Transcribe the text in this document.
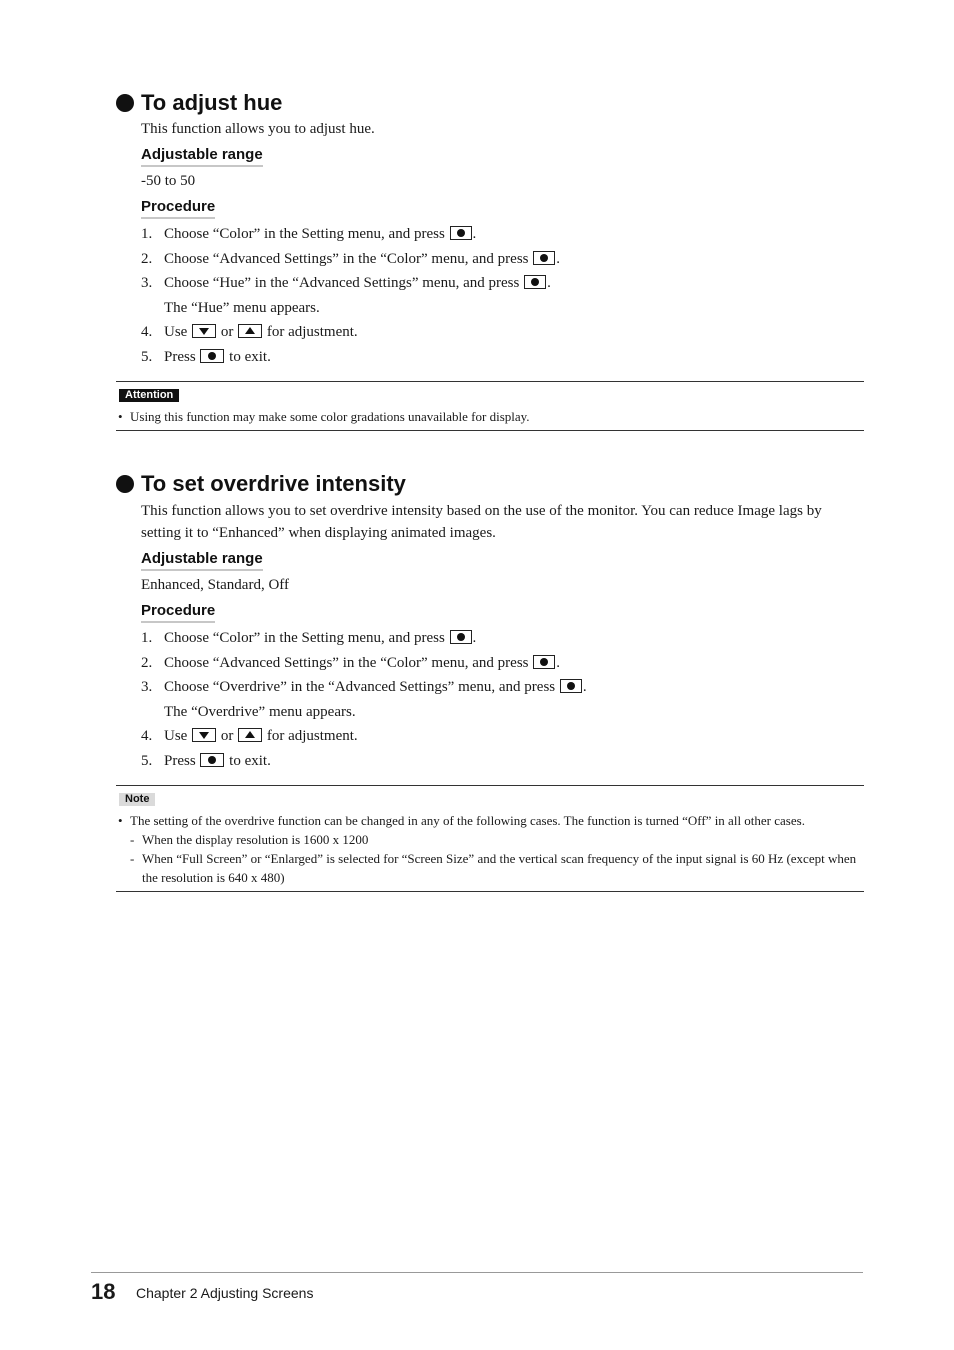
To adjust hue

This function allows you to adjust hue.

Adjustable range

-50 to 50

Procedure
1. Choose “Color” in the Setting menu, and press .
2. Choose “Advanced Settings” in the “Color” menu, and press .
3. Choose “Hue” in the “Advanced Settings” menu, and press .
The “Hue” menu appears.
4. Use or for adjustment.
5. Press to exit.
Attention
• Using this function may make some color gradations unavailable for display.
To set overdrive intensity

This function allows you to set overdrive intensity based on the use of the monitor. You can reduce Image lags by setting it to “Enhanced” when displaying animated images.

Adjustable range

Enhanced, Standard, Off

Procedure
1. Choose “Color” in the Setting menu, and press .
2. Choose “Advanced Settings” in the “Color” menu, and press .
3. Choose “Overdrive” in the “Advanced Settings” menu, and press .
The “Overdrive” menu appears.
4. Use or for adjustment.
5. Press to exit.
Note
• The setting of the overdrive function can be changed in any of the following cases. The function is turned “Off” in all other cases.
- When the display resolution is 1600 x 1200
- When “Full Screen” or “Enlarged” is selected for “Screen Size” and the vertical scan frequency of the input signal is 60 Hz (except when the resolution is 640 x 480)
18 Chapter 2 Adjusting Screens
